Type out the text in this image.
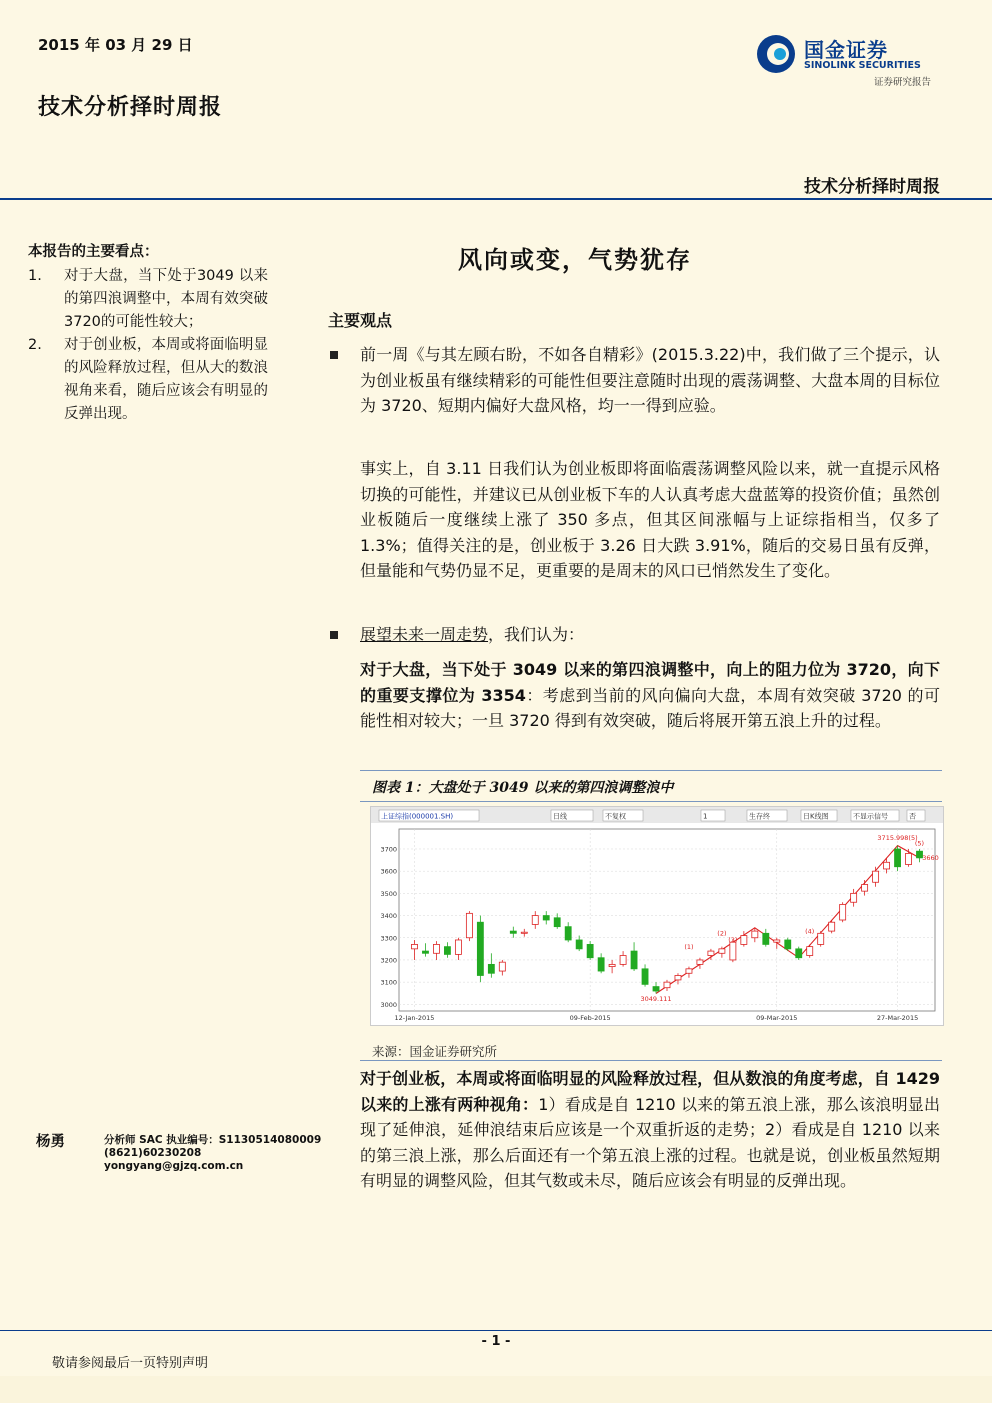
2015 年 03 月 29 日
技术分析择时周报
国金证券
SINOLINK SECURITIES
证券研究报告
技术分析择时周报
本报告的主要看点：
1. 对于大盘，当下处于3049 以来的第四浪调整中，本周有效突破 3720的可能性较大；
2. 对于创业板，本周或将面临明显的风险释放过程，但从大的数浪视角来看，随后应该会有明显的反弹出现。
风向或变，气势犹存
主要观点
前一周《与其左顾右盼，不如各自精彩》(2015.3.22)中，我们做了三个提示，认为创业板虽有继续精彩的可能性但要注意随时出现的震荡调整、大盘本周的目标位为 3720、短期内偏好大盘风格，均一一得到应验。
事实上，自 3.11 日我们认为创业板即将面临震荡调整风险以来，就一直提示风格切换的可能性，并建议已从创业板下车的人认真考虑大盘蓝筹的投资价值；虽然创业板随后一度继续上涨了 350 多点，但其区间涨幅与上证综指相当，仅多了 1.3%；值得关注的是，创业板于 3.26 日大跌 3.91%，随后的交易日虽有反弹，但量能和气势仍显不足，更重要的是周末的风口已悄然发生了变化。
展望未来一周走势，我们认为：
对于大盘，当下处于 3049 以来的第四浪调整中，向上的阻力位为 3720，向下的重要支撑位为 3354：考虑到当前的风向偏向大盘，本周有效突破 3720 的可能性相对较大；一旦 3720 得到有效突破，随后将展开第五浪上升的过程。
图表 1：大盘处于 3049 以来的第四浪调整浪中
上证综指(000001.SH)	日线	不复权	1	生存终	日K线图	不显示信号	否
3700
3600
3500
3400
3300
3200
3100
3000
12-Jan-2015	09-Feb-2015	09-Mar-2015	27-Mar-2015
3715.998(5)
3049.111
3660
(5)
(4)
(3)
(2)
(1)
来源：国金证券研究所
对于创业板，本周或将面临明显的风险释放过程，但从数浪的角度考虑，自 1429 以来的上涨有两种视角：1）看成是自 1210 以来的第五浪上涨，那么该浪明显出现了延伸浪，延伸浪结束后应该是一个双重折返的走势；2）看成是自 1210 以来的第三浪上涨，那么后面还有一个第五浪上涨的过程。也就是说，创业板虽然短期有明显的调整风险，但其气数或未尽，随后应该会有明显的反弹出现。
杨勇	分析师 SAC 执业编号：S1130514080009
(8621)60230208
yongyang@gjzq.com.cn
- 1 -
敬请参阅最后一页特别声明
